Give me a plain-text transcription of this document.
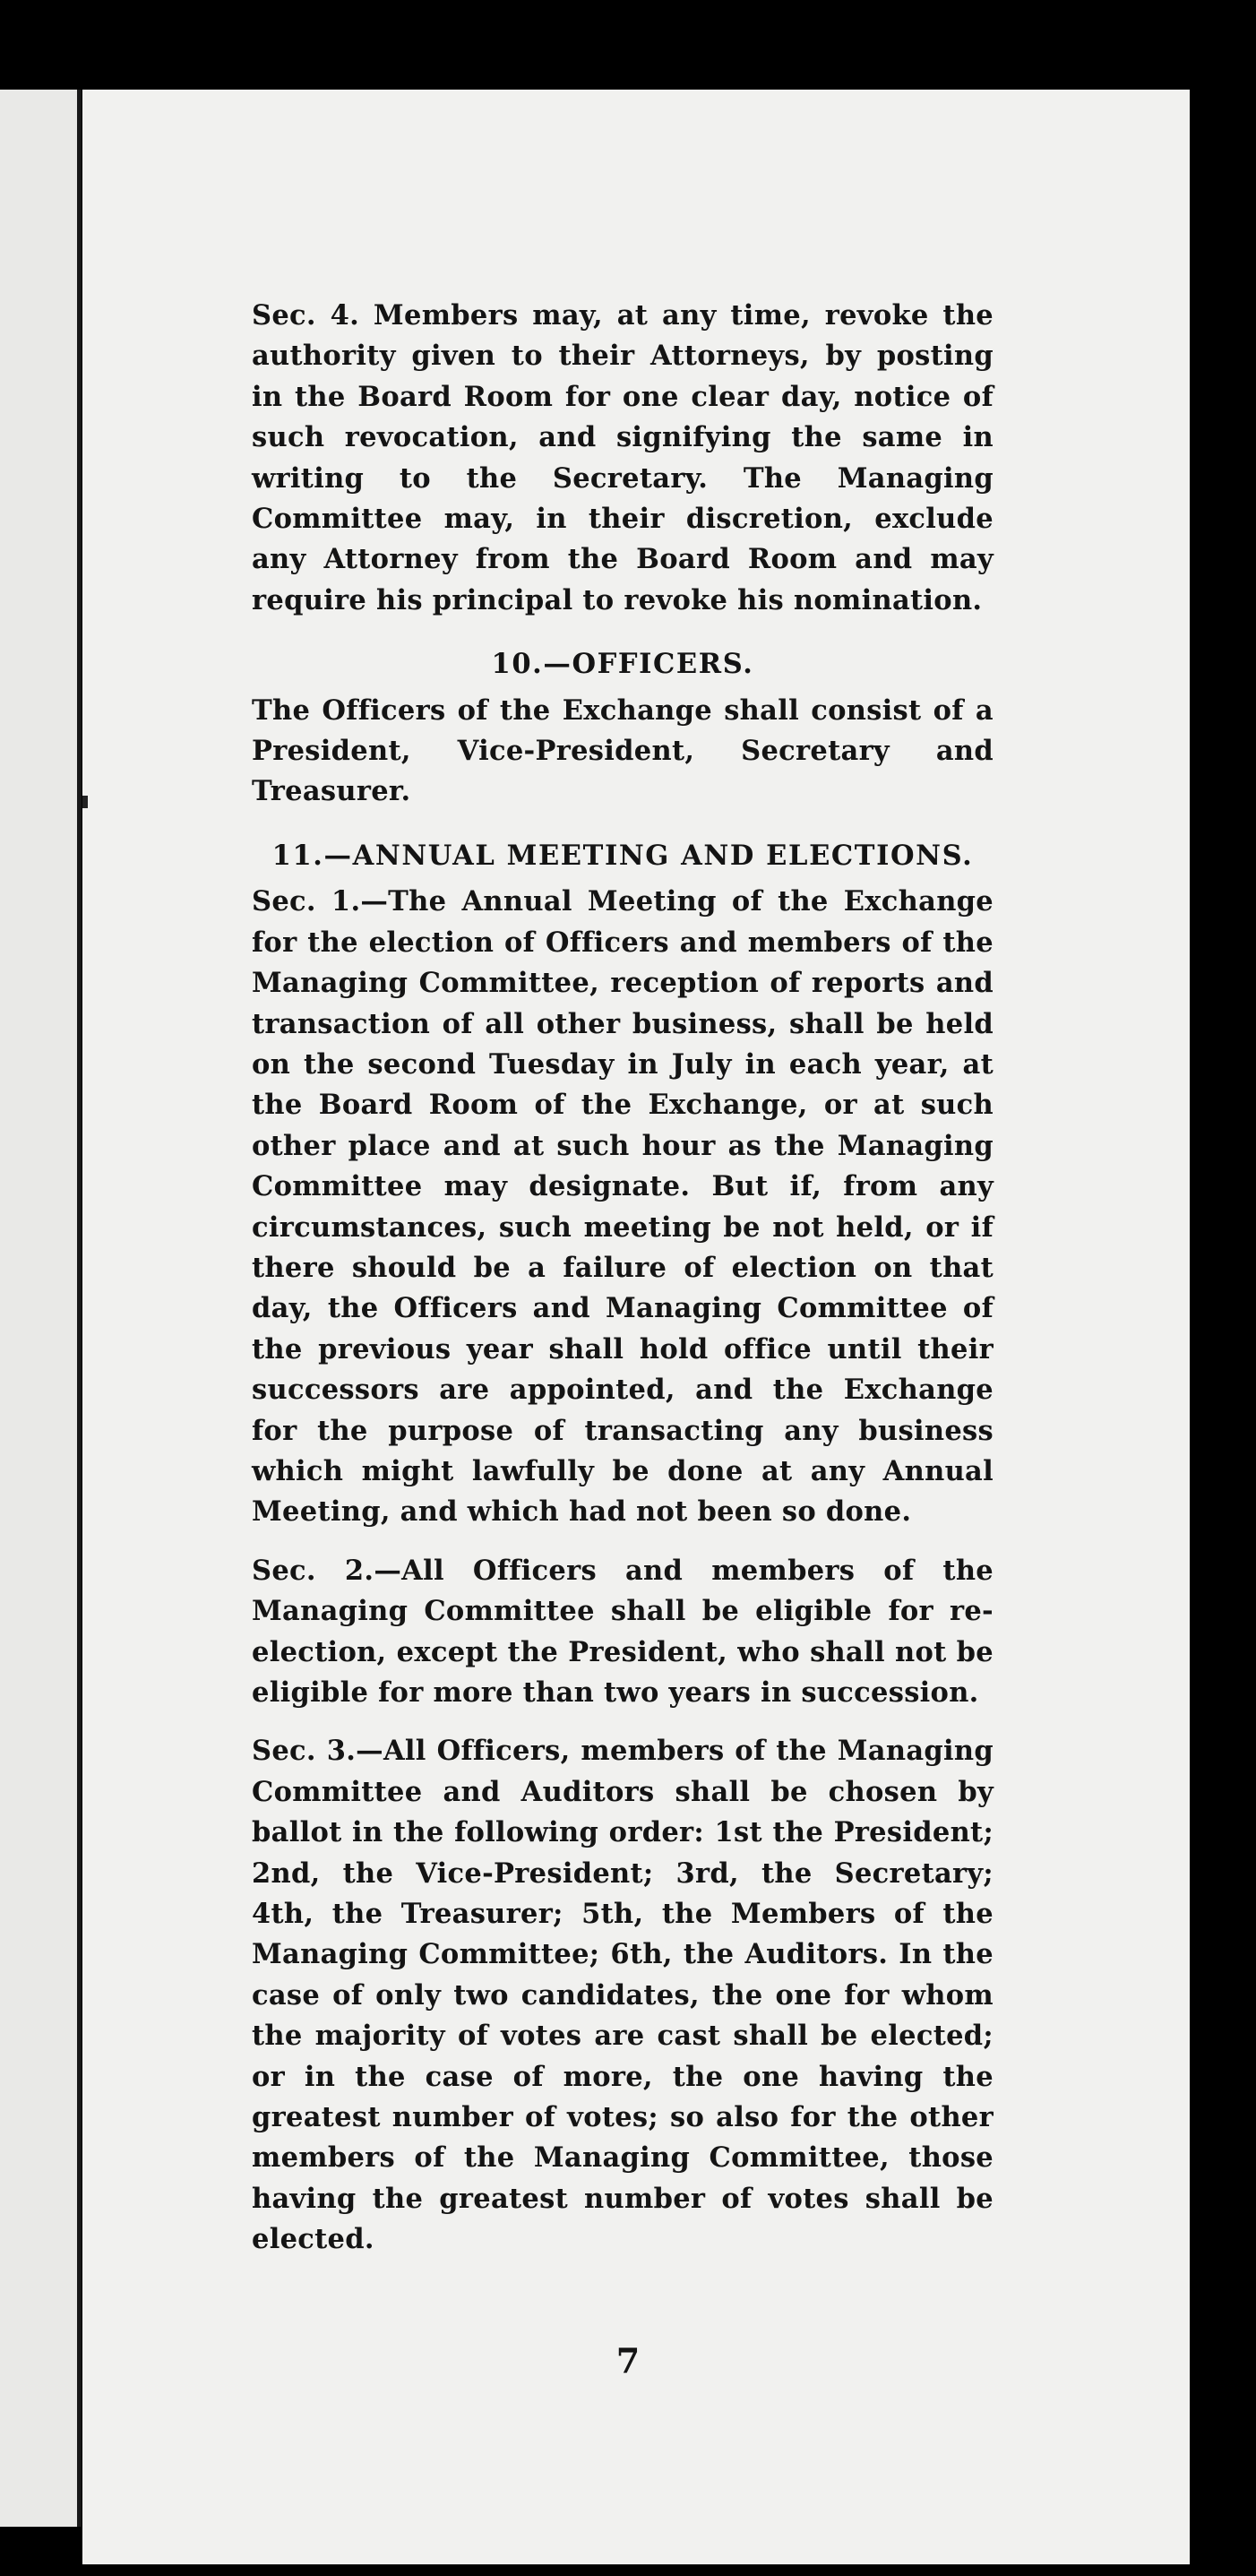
Sec. 4. Members may, at any time, revoke the authority given to their Attorneys, by posting in the Board Room for one clear day, notice of such revocation, and signifying the same in writing to the Secretary. The Managing Committee may, in their discretion, exclude any Attorney from the Board Room and may require his principal to revoke his nomination.

10.—OFFICERS.

The Officers of the Exchange shall consist of a President, Vice-President, Secretary and Treasurer.

11.—ANNUAL MEETING AND ELECTIONS.

Sec. 1.—The Annual Meeting of the Exchange for the election of Officers and members of the Managing Committee, reception of reports and transaction of all other business, shall be held on the second Tuesday in July in each year, at the Board Room of the Exchange, or at such other place and at such hour as the Managing Committee may designate. But if, from any circumstances, such meeting be not held, or if there should be a failure of election on that day, the Officers and Managing Committee of the previous year shall hold office until their successors are appointed, and the Exchange for the purpose of transacting any business which might lawfully be done at any Annual Meeting, and which had not been so done.

Sec. 2.—All Officers and members of the Managing Committee shall be eligible for re-election, except the President, who shall not be eligible for more than two years in succession.

Sec. 3.—All Officers, members of the Managing Committee and Auditors shall be chosen by ballot in the following order: 1st the President; 2nd, the Vice-President; 3rd, the Secretary; 4th, the Treasurer; 5th, the Members of the Managing Committee; 6th, the Auditors. In the case of only two candidates, the one for whom the majority of votes are cast shall be elected; or in the case of more, the one having the greatest number of votes; so also for the other members of the Managing Committee, those having the greatest number of votes shall be elected.

7
